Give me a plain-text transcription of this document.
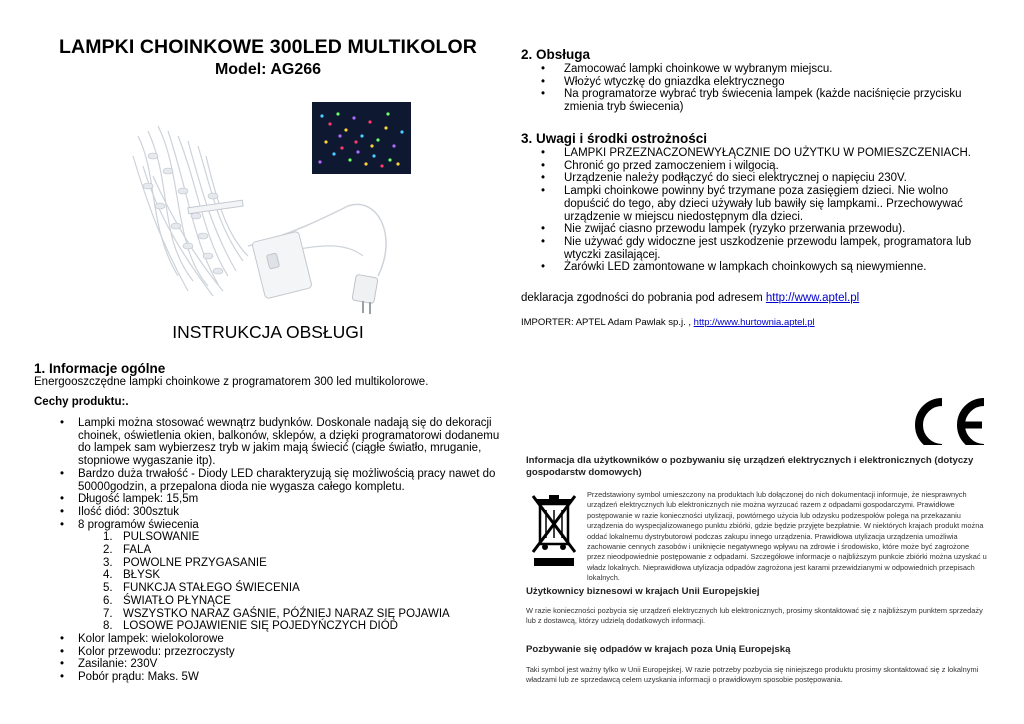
LAMPKI CHOINKOWE 300LED MULTIKOLOR
Model: AG266
INSTRUKCJA OBSŁUGI
1. Informacje ogólne
Energooszczędne lampki choinkowe z programatorem 300 led multikolorowe.
Cechy produktu:.
• Lampki można stosować wewnątrz budynków. Doskonale nadają się do dekoracji choinek, oświetlenia okien, balkonów, sklepów, a dzięki programatorowi dodanemu do lampek sam wybierzesz tryb w jakim mają świecić (ciągłe światło, mruganie, stopniowe wygaszanie itp).
• Bardzo duża trwałość - Diody LED charakteryzują się możliwością pracy nawet do 50000godzin, a przepalona dioda nie wygasza całego kompletu.
• Długość lampek: 15,5m
• Ilość diód: 300sztuk
• 8 programów świecenia
1. PULSOWANIE
2. FALA
3. POWOLNE PRZYGASANIE
4. BŁYSK
5. FUNKCJA STAŁEGO ŚWIECENIA
6. ŚWIATŁO PŁYNĄCE
7. WSZYSTKO NARAZ GAŚNIE, PÓŹNIEJ NARAZ SIĘ POJAWIA
8. LOSOWE POJAWIENIE SIĘ POJEDYŃCZYCH DIÓD
• Kolor lampek: wielokolorowe
• Kolor przewodu: przezroczysty
• Zasilanie: 230V
• Pobór prądu: Maks. 5W
2. Obsługa
• Zamocować lampki choinkowe w wybranym miejscu.
• Włożyć wtyczkę do gniazdka elektrycznego
• Na programatorze wybrać tryb świecenia lampek (każde naciśnięcie przycisku zmienia tryb świecenia)
3. Uwagi i środki ostrożności
• LAMPKI PRZEZNACZONEWYŁĄCZNIE DO UŻYTKU W POMIESZCZENIACH.
• Chronić go przed zamoczeniem i wilgocią.
• Urządzenie należy podłączyć do sieci elektrycznej o napięciu 230V.
• Lampki choinkowe powinny być trzymane poza zasięgiem dzieci. Nie wolno dopuścić do tego, aby dzieci używały lub bawiły się lampkami.. Przechowywać urządzenie w miejscu niedostępnym dla dzieci.
• Nie zwijać ciasno przewodu lampek (ryzyko przerwania przewodu).
• Nie używać gdy widoczne jest uszkodzenie przewodu lampek, programatora lub wtyczki zasilającej.
• Żarówki LED zamontowane w lampkach choinkowych są niewymienne.
deklaracja zgodności do pobrania pod adresem http://www.aptel.pl
IMPORTER: APTEL Adam Pawlak sp.j. , http://www.hurtownia.aptel.pl
Informacja dla użytkowników o pozbywaniu się urządzeń elektrycznych i elektronicznych (dotyczy gospodarstw domowych)
Przedstawiony symbol umieszczony na produktach lub dołączonej do nich dokumentacji informuje, że niesprawnych urządzeń elektrycznych lub elektronicznych nie można wyrzucać razem z odpadami gospodarczymi. Prawidłowe postępowanie w razie konieczności utylizacji, powtórnego użycia lub odzysku podzespołów polega na przekazaniu urządzenia do wyspecjalizowanego punktu zbiórki, gdzie będzie przyjęte bezpłatnie. W niektórych krajach produkt można oddać lokalnemu dystrybutorowi podczas zakupu innego urządzenia. Prawidłowa utylizacja urządzenia umożliwia zachowanie cennych zasobów i uniknięcie negatywnego wpływu na zdrowie i środowisko, które może być zagrożone przez nieodpowiednie postępowanie z odpadami. Szczegółowe informacje o najbliższym punkcie zbiórki można uzyskać u władz lokalnych. Nieprawidłowa utylizacja odpadów zagrożona jest karami przewidzianymi w odpowiednich przepisach lokalnych.
Użytkownicy biznesowi w krajach Unii Europejskiej
W razie konieczności pozbycia się urządzeń elektrycznych lub elektronicznych, prosimy skontaktować się z najbliższym punktem sprzedaży lub z dostawcą, którzy udzielą dodatkowych informacji.
Pozbywanie się odpadów w krajach poza Unią Europejską
Taki symbol jest ważny tylko w Unii Europejskej. W razie potrzeby pozbycia się niniejszego produktu prosimy skontaktować się z lokalnymi władzami lub ze sprzedawcą celem uzyskania informacji o prawidłowym sposobie postępowania.
